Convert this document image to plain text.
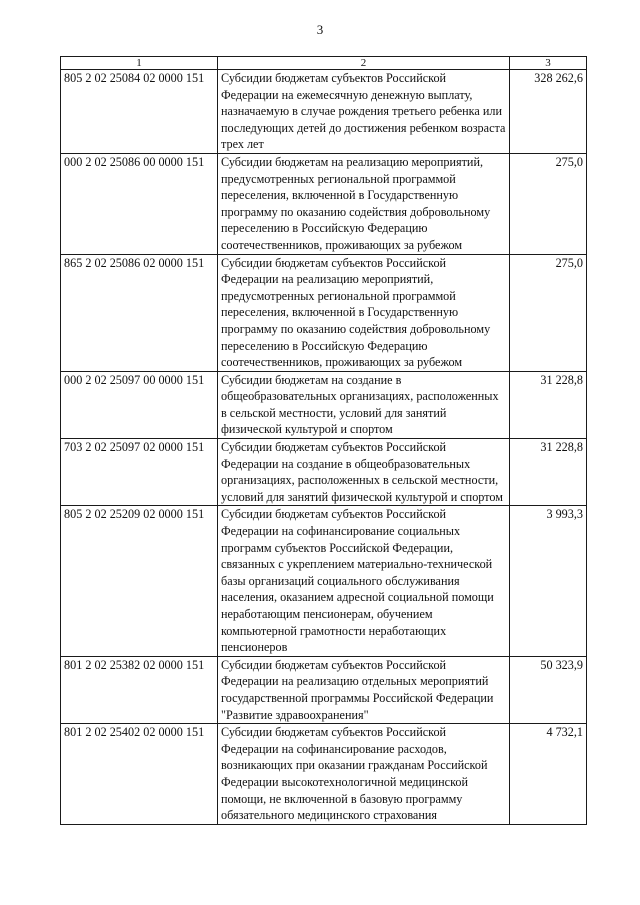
3
1	2	3
805 2 02 25084 02 0000 151	Субсидии бюджетам субъектов Российской Федерации на ежемесячную денежную выплату, назначаемую в случае рождения третьего ребенка или последующих детей до достижения ребенком возраста трех лет	328 262,6
000 2 02 25086 00 0000 151	Субсидии бюджетам на реализацию мероприятий, предусмотренных региональной программой переселения, включенной в Государственную программу по оказанию содействия добровольному переселению в Российскую Федерацию соотечественников, проживающих за рубежом	275,0
865 2 02 25086 02 0000 151	Субсидии бюджетам субъектов Российской Федерации на реализацию мероприятий, предусмотренных региональной программой переселения, включенной в Государственную программу по оказанию содействия добровольному переселению в Российскую Федерацию соотечественников, проживающих за рубежом	275,0
000 2 02 25097 00 0000 151	Субсидии бюджетам на создание в общеобразовательных организациях, расположенных в сельской местности, условий для занятий физической культурой и спортом	31 228,8
703 2 02 25097 02 0000 151	Субсидии бюджетам субъектов Российской Федерации на создание в общеобразовательных организациях, расположенных в сельской местности, условий для занятий физической культурой и спортом	31 228,8
805 2 02 25209 02 0000 151	Субсидии бюджетам субъектов Российской Федерации на софинансирование социальных программ субъектов Российской Федерации, связанных с укреплением материально-технической базы организаций социального обслуживания населения, оказанием адресной социальной помощи неработающим пенсионерам, обучением компьютерной грамотности неработающих пенсионеров	3 993,3
801 2 02 25382 02 0000 151	Субсидии бюджетам субъектов Российской Федерации на реализацию отдельных мероприятий государственной программы Российской Федерации "Развитие здравоохранения"	50 323,9
801 2 02 25402 02 0000 151	Субсидии бюджетам субъектов Российской Федерации на софинансирование расходов, возникающих при оказании гражданам Российской Федерации высокотехнологичной медицинской помощи, не включенной в базовую программу обязательного медицинского страхования	4 732,1
